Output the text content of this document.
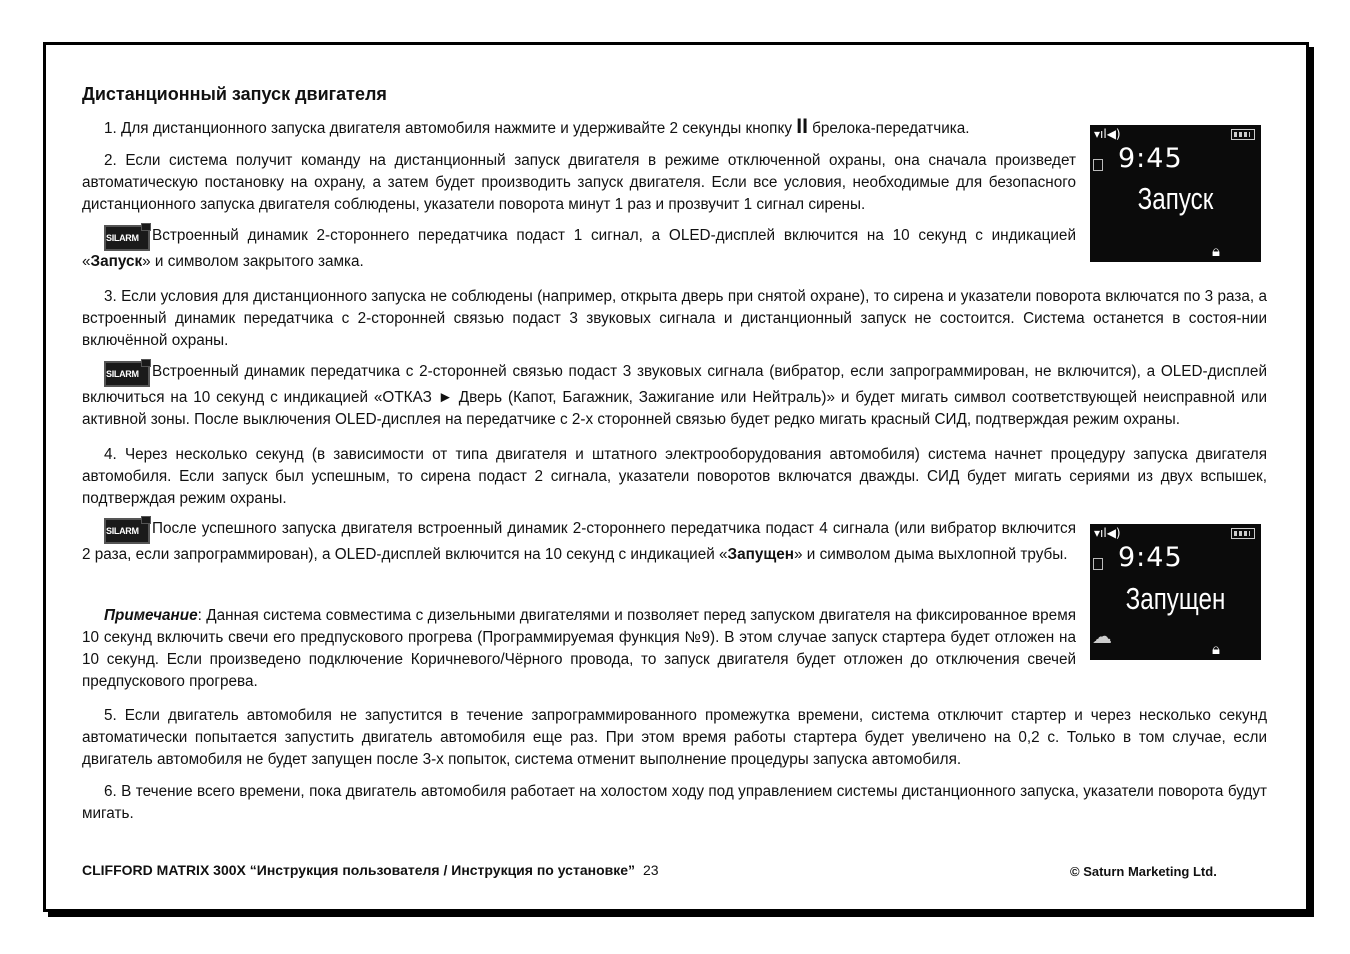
Дистанционный запуск двигателя

1. Для дистанционного запуска двигателя автомобиля нажмите и удерживайте 2 секунды кнопку II брелока-передатчика.

2. Если система получит команду на дистанционный запуск двигателя в режиме отключенной охраны, она сначала произведет автоматическую постановку на охрану, а затем будет производить запуск двигателя. Если все условия, необходимые для безопасного дистанционного запуска двигателя соблюдены, указатели поворота минут 1 раз и прозвучит 1 сигнал сирены.

SILARM Встроенный динамик 2-стороннего передатчика подаст 1 сигнал, а OLED-дисплей включится на 10 секунд с индикацией «Запуск» и символом закрытого замка.

3. Если условия для дистанционного запуска не соблюдены (например, открыта дверь при снятой охране), то сирена и указатели поворота включатся по 3 раза, а встроенный динамик передатчика с 2-сторонней связью подаст 3 звуковых сигнала и дистанционный запуск не состоится. Система останется в состоя-нии включённой охраны.

SILARM Встроенный динамик передатчика с 2-сторонней связью подаст 3 звуковых сигнала (вибратор, если запрограммирован, не включится), а OLED-дисплей включиться на 10 секунд с индикацией «ОТКАЗ ► Дверь (Капот, Багажник, Зажигание или Нейтраль)» и будет мигать символ соответствующей неисправной или активной зоны. После выключения OLED-дисплея на передатчике с 2-х сторонней связью будет редко мигать красный СИД, подтверждая режим охраны.

4. Через несколько секунд (в зависимости от типа двигателя и штатного электрооборудования автомобиля) система начнет процедуру запуска двигателя автомобиля. Если запуск был успешным, то сирена подаст 2 сигнала, указатели поворотов включатся дважды. СИД будет мигать сериями из двух вспышек, подтверждая режим охраны.

SILARM После успешного запуска двигателя встроенный динамик 2-стороннего передатчика подаст 4 сигнала (или вибратор включится 2 раза, если запрограммирован), а OLED-дисплей включится на 10 секунд с индикацией «Запущен» и символом дыма выхлопной трубы.

Примечание: Данная система совместима с дизельными двигателями и позволяет перед запуском двигателя на фиксированное время 10 секунд включить свечи его предпускового прогрева (Программируемая функция №9). В этом случае запуск стартера будет отложен на 10 секунд. Если произведено подключение Коричневого/Чёрного провода, то запуск двигателя будет отложен до отключения свечей предпускового прогрева.

5. Если двигатель автомобиля не запустится в течение запрограммированного промежутка времени, система отключит стартер и через несколько секунд автоматически попытается запустить двигатель автомобиля еще раз. При этом время работы стартера будет увеличено на 0,2 с. Только в том случае, если двигатель автомобиля не будет запущен после 3-х попыток, система отменит выполнение процедуры запуска автомобиля.

6. В течение всего времени, пока двигатель автомобиля работает на холостом ходу под управлением системы дистанционного запуска, указатели поворота будут мигать.

▾ıl◀)
9:45
Запуск
🔒︎
▾ıl◀)
9:45
Запущен
☁
🔒︎
CLIFFORD MATRIX 300X “Инструкция пользователя / Инструкция по установке” 23	© Saturn Marketing Ltd.
